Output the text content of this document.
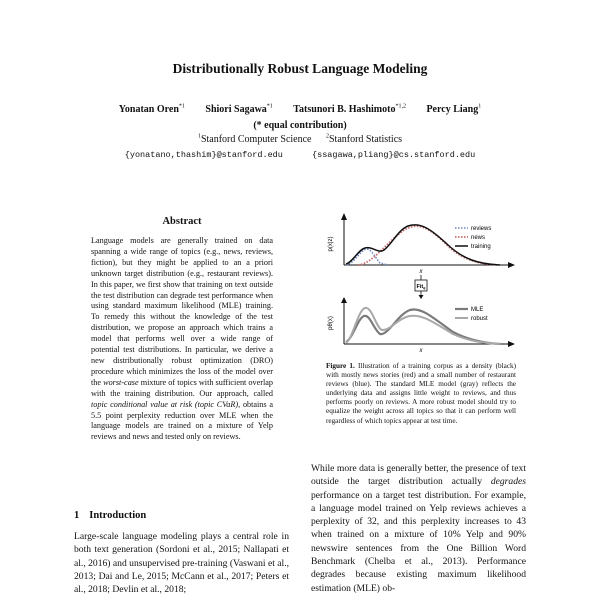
Distributionally Robust Language Modeling
Yonatan Oren$^{*1}$ Shiori Sagawa$^{*1}$ Tatsunori B. Hashimoto$^{*1,2}$ Percy Liang$^1$
(* equal contribution)
$^1$Stanford Computer Science $^2$Stanford Statistics
{yonatano,thashim}@stanford.edu	{ssagawa,pliang}@cs.stanford.edu
Abstract
Language models are generally trained on data spanning a wide range of topics (e.g., news, reviews, fiction), but they might be applied to an a priori unknown target distribution (e.g., restaurant reviews). In this paper, we first show that training on text outside the test distribution can degrade test performance when using standard maximum likelihood (MLE) training. To remedy this without the knowledge of the test distribution, we propose an approach which trains a model that performs well over a wide range of potential test distributions. In particular, we derive a new distributionally robust optimization (DRO) procedure which minimizes the loss of the model over the worst-case mixture of topics with sufficient overlap with the training distribution. Our approach, called topic conditional value at risk (topic CVaR), obtains a 5.5 point perplexity reduction over MLE when the language models are trained on a mixture of Yelp reviews and news and tested only on reviews.
1 Introduction
Large-scale language modeling plays a central role in both text generation (Sordoni et al., 2015; Nallapati et al., 2016) and unsupervised pre-training (Vaswani et al., 2013; Dai and Le, 2015; McCann et al., 2017; Peters et al., 2018; Devlin et al., 2018;
p(x|z)
reviews
news
training
x
Fit$_\theta$
pθ(x)
MLE
robust
x
Figure 1. Illustration of a training corpus as a density (black) with mostly news stories (red) and a small number of restaurant reviews (blue). The standard MLE model (gray) reflects the underlying data and assigns little weight to reviews, and thus performs poorly on reviews. A more robust model should try to equalize the weight across all topics so that it can perform well regardless of which topics appear at test time.
While more data is generally better, the presence of text outside the target distribution actually degrades performance on a target test distribution. For example, a language model trained on Yelp reviews achieves a perplexity of 32, and this perplexity increases to 43 when trained on a mixture of 10% Yelp and 90% newswire sentences from the One Billion Word Benchmark (Chelba et al., 2013). Performance degrades because existing maximum likelihood estimation (MLE) ob-
